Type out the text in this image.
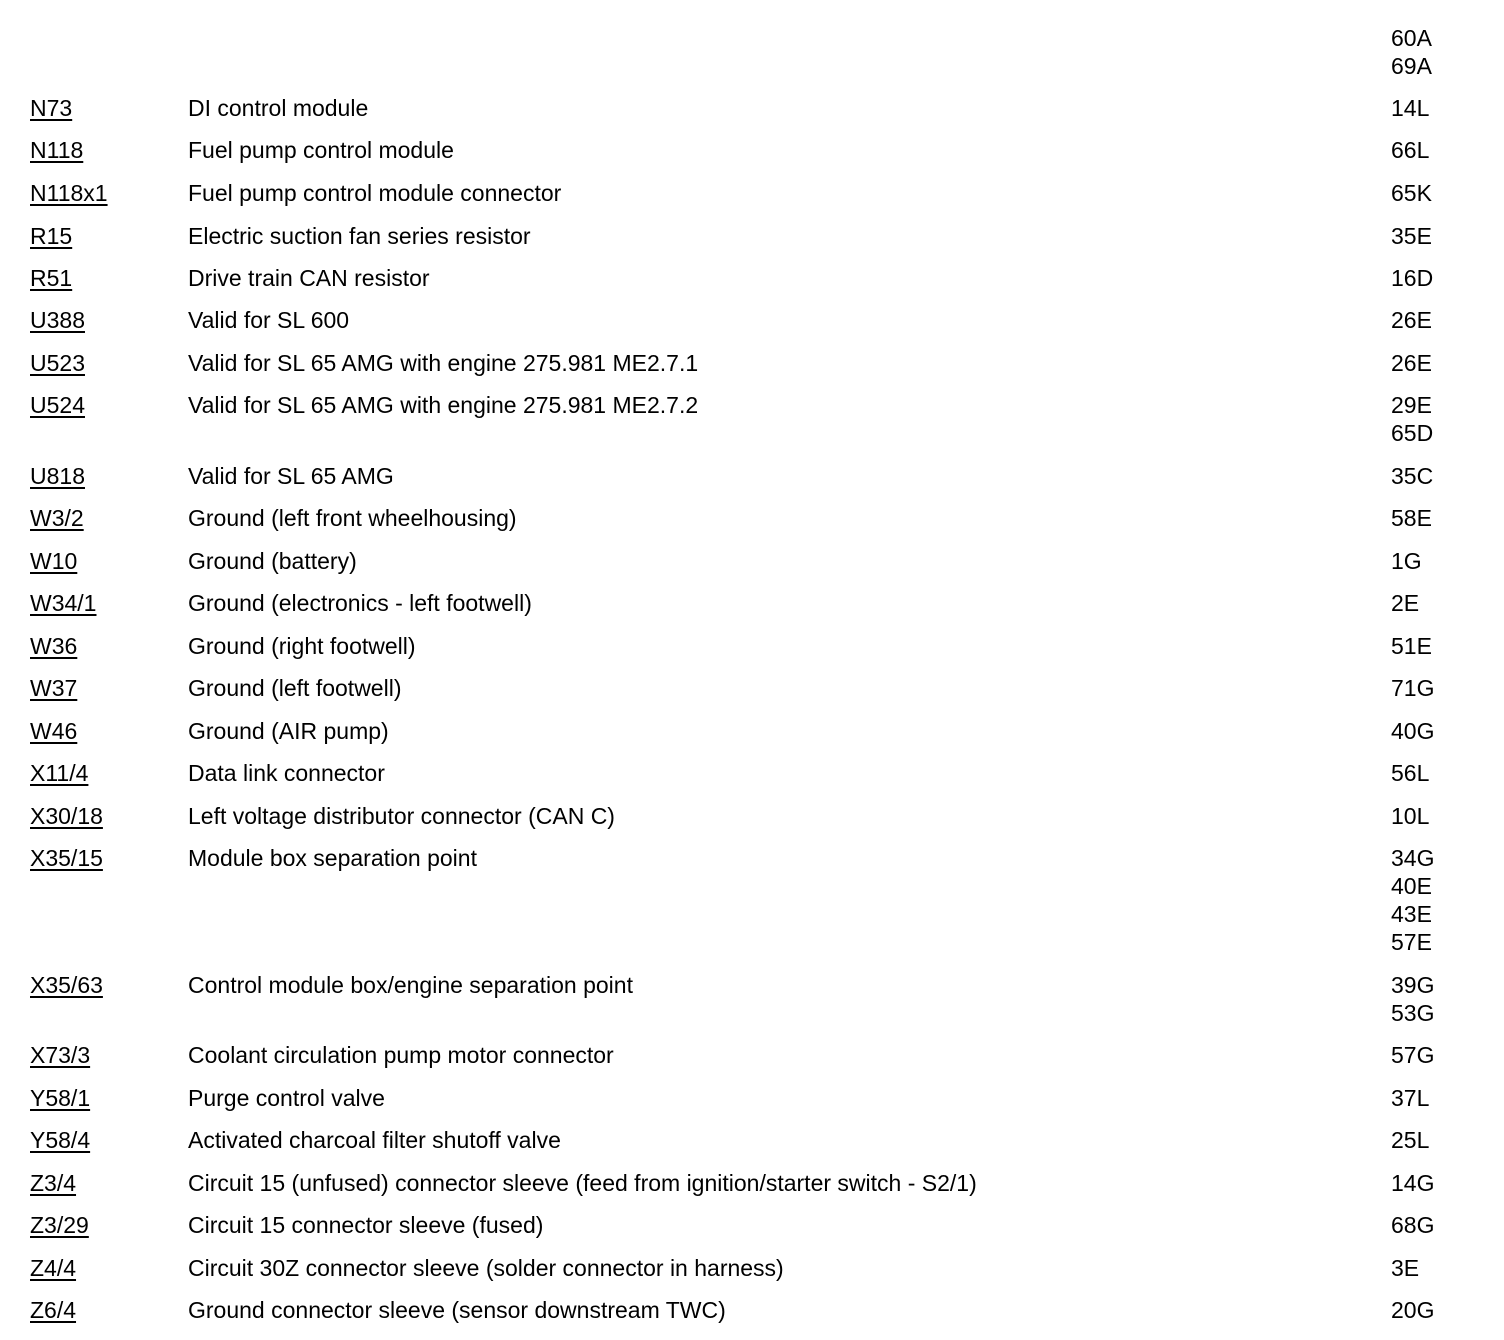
60A
69A
N73	DI control module	14L
N118	Fuel pump control module	66L
N118x1	Fuel pump control module connector	65K
R15	Electric suction fan series resistor	35E
R51	Drive train CAN resistor	16D
U388	Valid for SL 600	26E
U523	Valid for SL 65 AMG with engine 275.981 ME2.7.1	26E
U524	Valid for SL 65 AMG with engine 275.981 ME2.7.2	29E
65D
U818	Valid for SL 65 AMG	35C
W3/2	Ground (left front wheelhousing)	58E
W10	Ground (battery)	1G
W34/1	Ground (electronics - left footwell)	2E
W36	Ground (right footwell)	51E
W37	Ground (left footwell)	71G
W46	Ground (AIR pump)	40G
X11/4	Data link connector	56L
X30/18	Left voltage distributor connector (CAN C)	10L
X35/15	Module box separation point	34G
40E
43E
57E
X35/63	Control module box/engine separation point	39G
53G
X73/3	Coolant circulation pump motor connector	57G
Y58/1	Purge control valve	37L
Y58/4	Activated charcoal filter shutoff valve	25L
Z3/4	Circuit 15 (unfused) connector sleeve (feed from ignition/starter switch - S2/1)	14G
Z3/29	Circuit 15 connector sleeve (fused)	68G
Z4/4	Circuit 30Z connector sleeve (solder connector in harness)	3E
Z6/4	Ground connector sleeve (sensor downstream TWC)	20G
